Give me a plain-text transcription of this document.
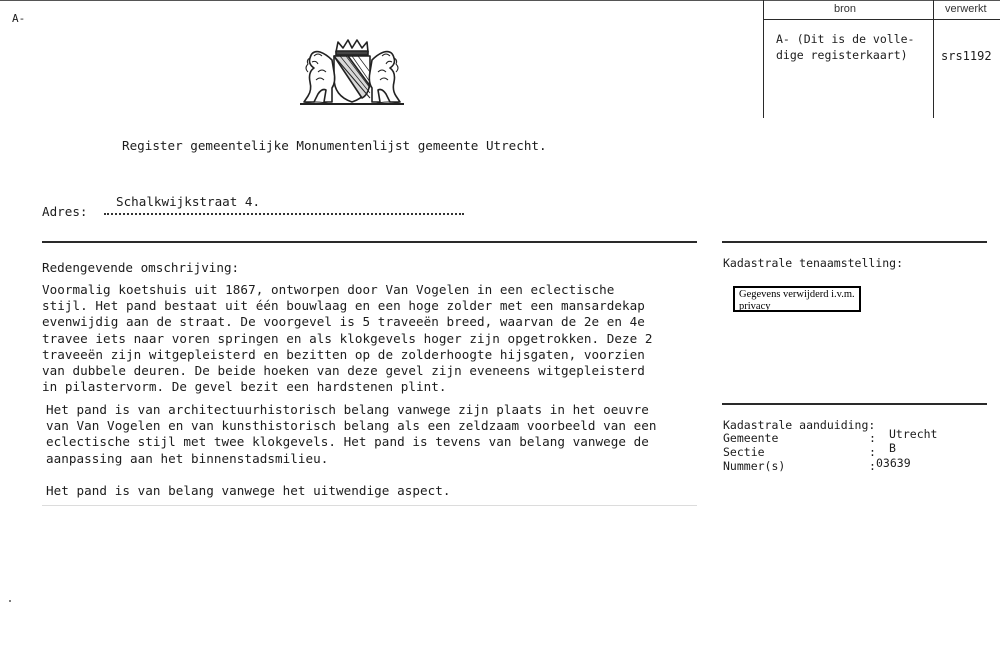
A-
bron	verwerkt
A- (Dit is de volle-
dige registerkaart)	srs1192
Register gemeentelijke Monumentenlijst gemeente Utrecht.
Adres:
Schalkwijkstraat 4.
Redengevende omschrijving:
Voormalig koetshuis uit 1867, ontworpen door Van Vogelen in een eclectische
stijl. Het pand bestaat uit één bouwlaag en een hoge zolder met een mansardekap
evenwijdig aan de straat. De voorgevel is 5 traveeën breed, waarvan de 2e en 4e
travee iets naar voren springen en als klokgevels hoger zijn opgetrokken. Deze 2
traveeën zijn witgepleisterd en bezitten op de zolderhoogte hijsgaten, voorzien
van dubbele deuren. De beide hoeken van deze gevel zijn eveneens witgepleisterd
in pilastervorm. De gevel bezit een hardstenen plint.
Het pand is van architectuurhistorisch belang vanwege zijn plaats in het oeuvre
van Van Vogelen en van kunsthistorisch belang als een zeldzaam voorbeeld van een
eclectische stijl met twee klokgevels. Het pand is tevens van belang vanwege de
aanpassing aan het binnenstadsmilieu.
Het pand is van belang vanwege het uitwendige aspect.
Kadastrale tenaamstelling:
Gegevens verwijderd i.v.m. privacy
Kadastrale aanduiding:
Gemeente	: Utrecht
Sectie	: B
Nummer(s)	: 03639
